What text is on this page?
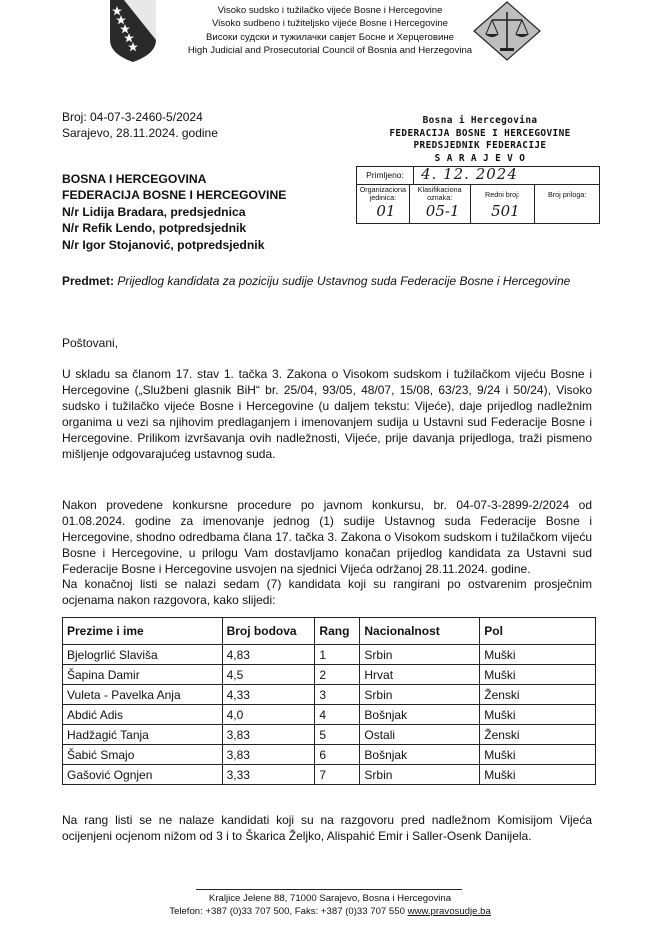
Visoko sudsko i tužilačko vijeće Bosne i Hercegovine
Visoko sudbeno i tužiteljsko vijeće Bosne i Hercegovine
Високи судски и тужилачки савјет Босне и Херцеговине
High Judicial and Prosecutorial Council of Bosnia and Herzegovina
Broj: 04-07-3-2460-5/2024
Sarajevo, 28.11.2024. godine
Bosna i Hercegovina
FEDERACIJA BOSNE I HERCEGOVINE
PREDSJEDNIK FEDERACIJE
S A R A J E V O
Primljeno:	4. 12. 2024
Organizaciona jedinica:
01
Klasifikaciona oznaka:
05-1
Redni broj:
501
Broj priloga:
BOSNA I HERCEGOVINA
FEDERACIJA BOSNE I HERCEGOVINE
N/r Lidija Bradara, predsjednica
N/r Refik Lendo, potpredsjednik
N/r Igor Stojanović, potpredsjednik
Predmet: Prijedlog kandidata za poziciju sudije Ustavnog suda Federacije Bosne i Hercegovine
Poštovani,
U skladu sa članom 17. stav 1. tačka 3. Zakona o Visokom sudskom i tužilačkom vijeću Bosne i Hercegovine („Službeni glasnik BiH“ br. 25/04, 93/05, 48/07, 15/08, 63/23, 9/24 i 50/24), Visoko sudsko i tužilačko vijeće Bosne i Hercegovine (u daljem tekstu: Vijeće), daje prijedlog nadležnim organima u vezi sa njihovim predlaganjem i imenovanjem sudija u Ustavni sud Federacije Bosne i Hercegovine. Prilikom izvršavanja ovih nadležnosti, Vijeće, prije davanja prijedloga, traži pismeno mišljenje odgovarajućeg ustavnog suda.
Nakon provedene konkursne procedure po javnom konkursu, br. 04-07-3-2899-2/2024 od 01.08.2024. godine za imenovanje jednog (1) sudije Ustavnog suda Federacije Bosne i Hercegovine, shodno odredbama člana 17. tačka 3. Zakona o Visokom sudskom i tužilačkom vijeću Bosne i Hercegovine, u prilogu Vam dostavljamo konačan prijedlog kandidata za Ustavni sud Federacije Bosne i Hercegovine usvojen na sjednici Vijeća održanoj 28.11.2024. godine.
Na konačnoj listi se nalazi sedam (7) kandidata koji su rangirani po ostvarenim prosječnim ocjenama nakon razgovora, kako slijedi:
Prezime i ime	Broj bodova	Rang	Nacionalnost	Pol
Bjelogrlić Slaviša	4,83	1	Srbin	Muški
Šapina Damir	4,5	2	Hrvat	Muški
Vuleta - Pavelka Anja	4,33	3	Srbin	Ženski
Abdić Adis	4,0	4	Bošnjak	Muški
Hadžagić Tanja	3,83	5	Ostali	Ženski
Šabić Smajo	3,83	6	Bošnjak	Muški
Gašović Ognjen	3,33	7	Srbin	Muški
Na rang listi se ne nalaze kandidati koji su na razgovoru pred nadležnom Komisijom Vijeća ocijenjeni ocjenom nižom od 3 i to Škarica Željko, Alispahić Emir i Saller-Osenk Danijela.
Kraljice Jelene 88, 71000 Sarajevo, Bosna i Hercegovina
Telefon: +387 (0)33 707 500, Faks: +387 (0)33 707 550 www.pravosudje.ba
